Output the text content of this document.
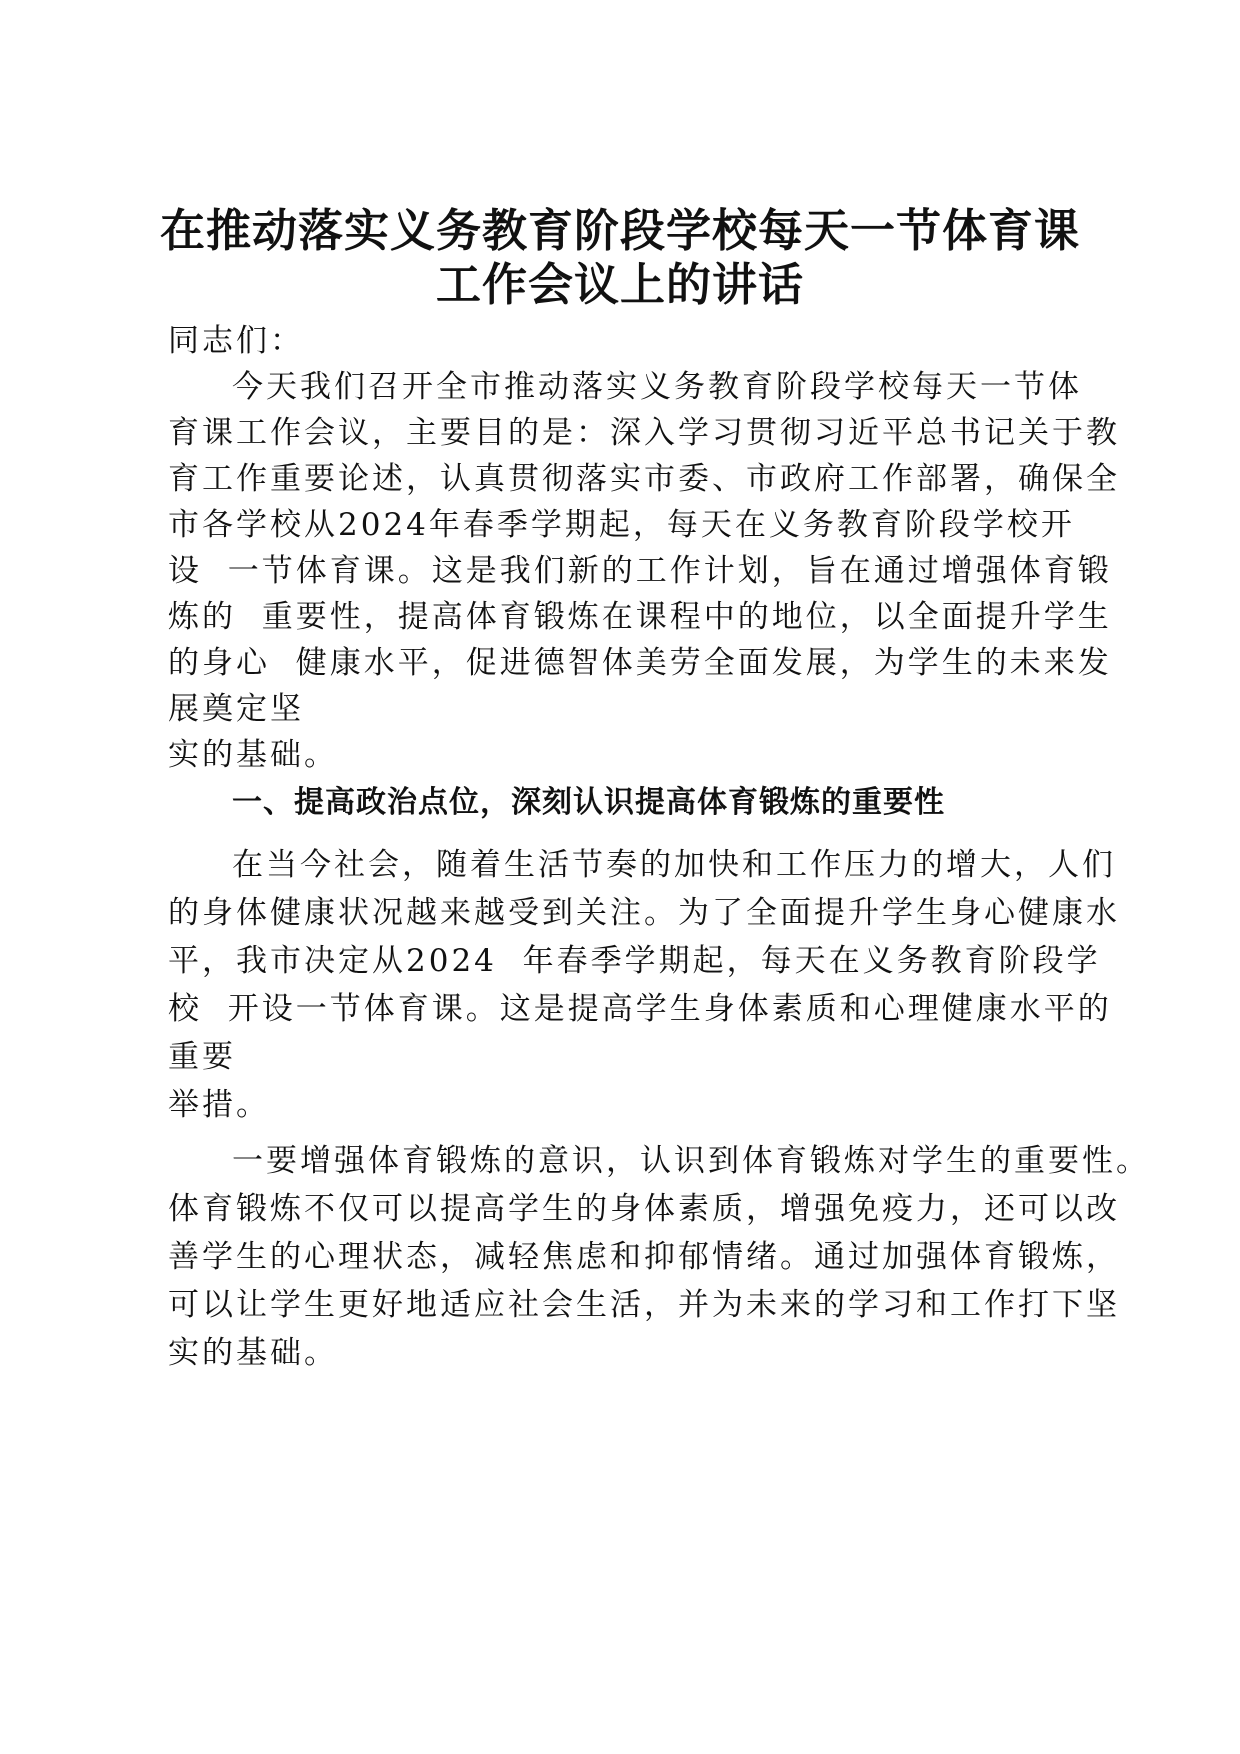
在推动落实义务教育阶段学校每天一节体育课
工作会议上的讲话
同志们：
今天我们召开全市推动落实义务教育阶段学校每天一节体
育课工作会议，主要目的是：深入学习贯彻习近平总书记关于教
育工作重要论述，认真贯彻落实市委、市政府工作部署，确保全
市各学校从2024年春季学期起，每天在义务教育阶段学校开
设  一节体育课。这是我们新的工作计划，旨在通过增强体育锻
炼的  重要性，提高体育锻炼在课程中的地位，以全面提升学生
的身心  健康水平，促进德智体美劳全面发展，为学生的未来发
展奠定坚
实的基础。
一、提高政治点位，深刻认识提高体育锻炼的重要性
在当今社会，随着生活节奏的加快和工作压力的增大，人们
的身体健康状况越来越受到关注。为了全面提升学生身心健康水
平，我市决定从2024  年春季学期起，每天在义务教育阶段学
校  开设一节体育课。这是提高学生身体素质和心理健康水平的
重要
举措。
一要增强体育锻炼的意识，认识到体育锻炼对学生的重要性。
体育锻炼不仅可以提高学生的身体素质，增强免疫力，还可以改
善学生的心理状态，减轻焦虑和抑郁情绪。通过加强体育锻炼，
可以让学生更好地适应社会生活，并为未来的学习和工作打下坚
实的基础。
